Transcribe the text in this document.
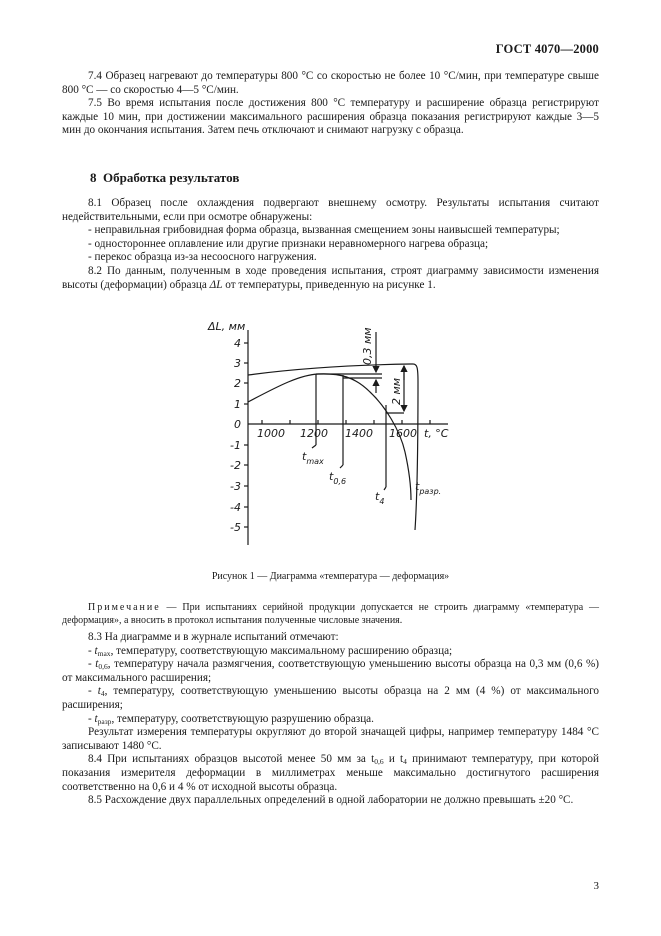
ГОСТ 4070—2000

7.4 Образец нагревают до температуры 800 °С со скоростью не более 10 °С/мин, при температуре свыше 800 °С — со скоростью 4—5 °С/мин.

7.5 Во время испытания после достижения 800 °С температуру и расширение образца регистрируют каждые 10 мин, при достижении максимального расширения образца показания регистрируют каждые 3—5 мин до окончания испытания. Затем печь отключают и снимают нагрузку с образца.

8 Обработка результатов

8.1 Образец после охлаждения подвергают внешнему осмотру. Результаты испытания считают недействительными, если при осмотре обнаружены:

- неправильная грибовидная форма образца, вызванная смещением зоны наивысшей температуры;

- одностороннее оплавление или другие признаки неравномерного нагрева образца;

- перекос образца из-за несоосного нагружения.

8.2 По данным, полученным в ходе проведения испытания, строят диаграмму зависимости изменения высоты (деформации) образца ΔL от температуры, приведенную на рисунке 1.

ΔL, мм
t, °C
1000 1200 1400 1600
4
3
2
1
0
-1
-2
-3
-4
-5
0,3 мм
2 мм
$t_{max}$
$t_{0,6}$
$t_4$
$t_{разр.}$
Рисунок 1 — Диаграмма «температура — деформация»
Примечание — При испытаниях серийной продукции допускается не строить диаграмму «температура — деформация», а вносить в протокол испытания полученные числовые значения.

8.3 На диаграмме и в журнале испытаний отмечают:

- $t_{max}$, температуру, соответствующую максимальному расширению образца;

- $t_{0,6}$, температуру начала размягчения, соответствующую уменьшению высоты образца на 0,3 мм (0,6 %) от максимального расширения;

- $t_4$, температуру, соответствующую уменьшению высоты образца на 2 мм (4 %) от максимального расширения;

- $t_{разр}$, температуру, соответствующую разрушению образца.

Результат измерения температуры округляют до второй значащей цифры, например температуру 1484 °С записывают 1480 °С.

8.4 При испытаниях образцов высотой менее 50 мм за $t_{0,6}$ и $t_4$ принимают температуру, при которой показания измерителя деформации в миллиметрах меньше максимально достигнутого расширения соответственно на 0,6 и 4 % от исходной высоты образца.

8.5 Расхождение двух параллельных определений в одной лаборатории не должно превышать ±20 °С.

3
